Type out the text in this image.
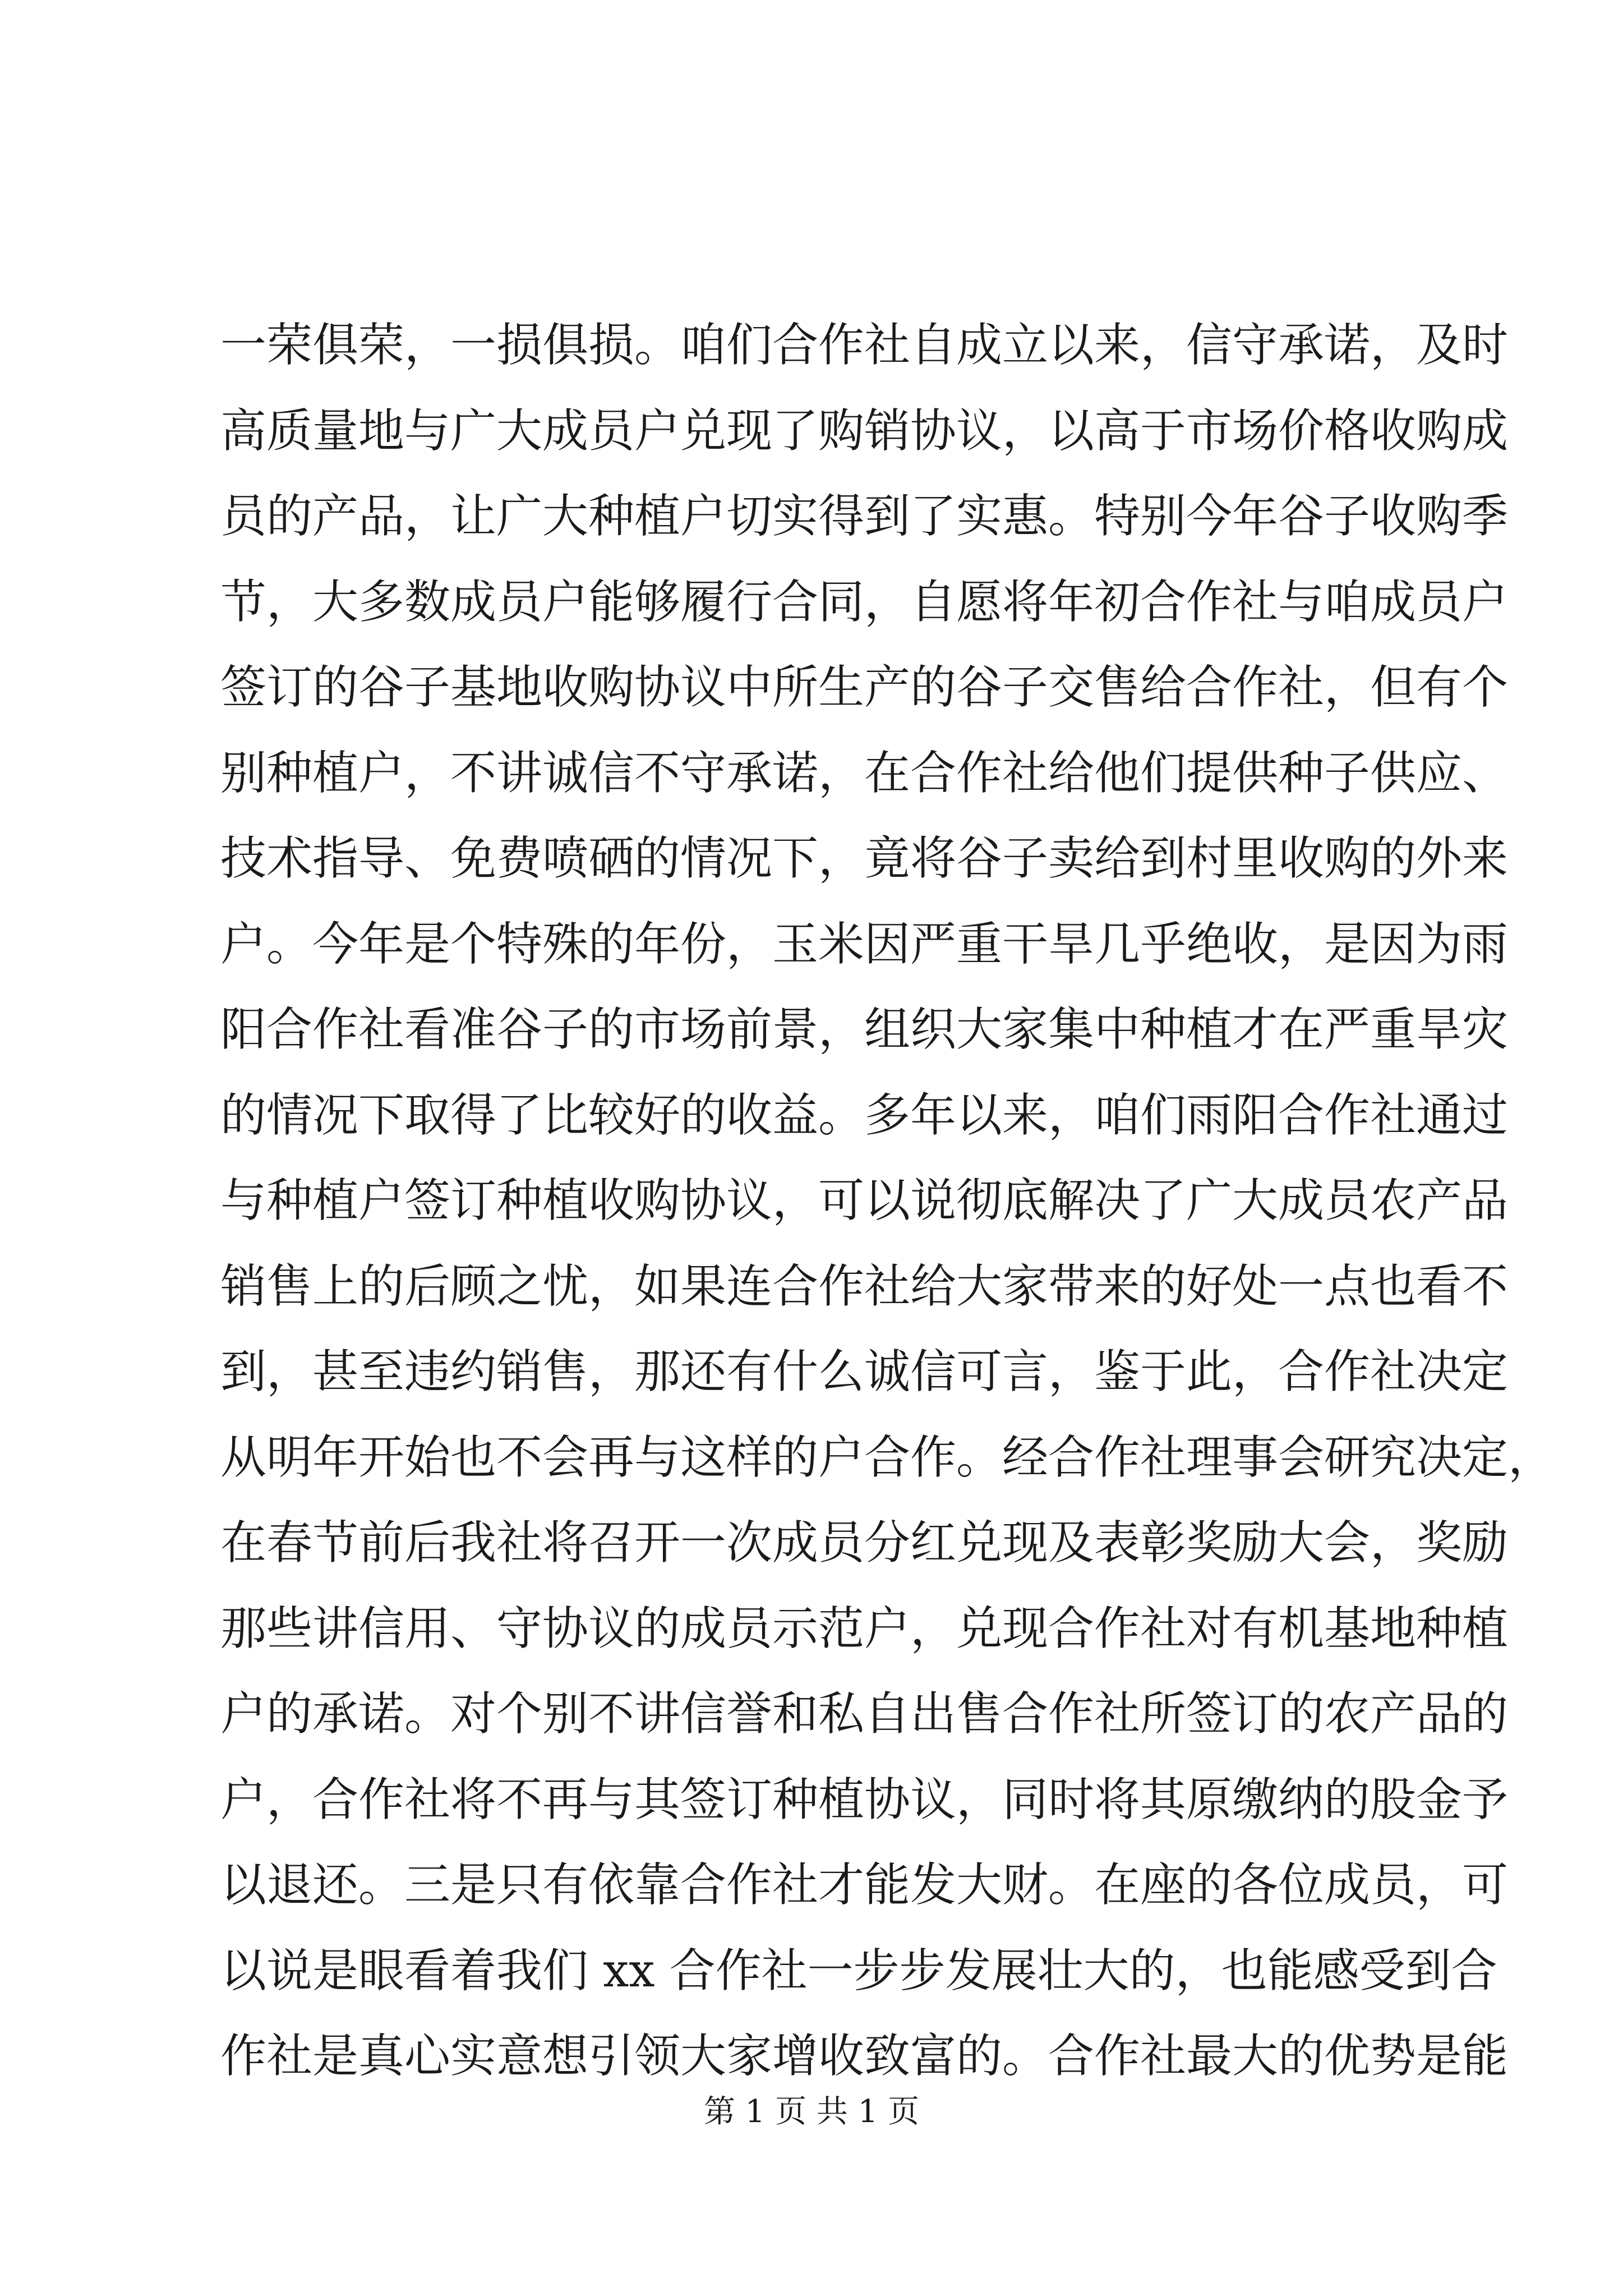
一荣俱荣，一损俱损。咱们合作社自成立以来，信守承诺，及时
高质量地与广大成员户兑现了购销协议，以高于市场价格收购成
员的产品，让广大种植户切实得到了实惠。特别今年谷子收购季
节，大多数成员户能够履行合同，自愿将年初合作社与咱成员户
签订的谷子基地收购协议中所生产的谷子交售给合作社，但有个
别种植户，不讲诚信不守承诺，在合作社给他们提供种子供应、
技术指导、免费喷硒的情况下，竟将谷子卖给到村里收购的外来
户。今年是个特殊的年份，玉米因严重干旱几乎绝收，是因为雨
阳合作社看准谷子的市场前景，组织大家集中种植才在严重旱灾
的情况下取得了比较好的收益。多年以来，咱们雨阳合作社通过
与种植户签订种植收购协议，可以说彻底解决了广大成员农产品
销售上的后顾之忧，如果连合作社给大家带来的好处一点也看不
到，甚至违约销售，那还有什么诚信可言，鉴于此，合作社决定
从明年开始也不会再与这样的户合作。经合作社理事会研究决定，
在春节前后我社将召开一次成员分红兑现及表彰奖励大会，奖励
那些讲信用、守协议的成员示范户，兑现合作社对有机基地种植
户的承诺。对个别不讲信誉和私自出售合作社所签订的农产品的
户，合作社将不再与其签订种植协议，同时将其原缴纳的股金予
以退还。三是只有依靠合作社才能发大财。在座的各位成员，可
以说是眼看着我们 xx 合作社一步步发展壮大的，也能感受到合
作社是真心实意想引领大家增收致富的。合作社最大的优势是能
第 1 页 共 1 页
